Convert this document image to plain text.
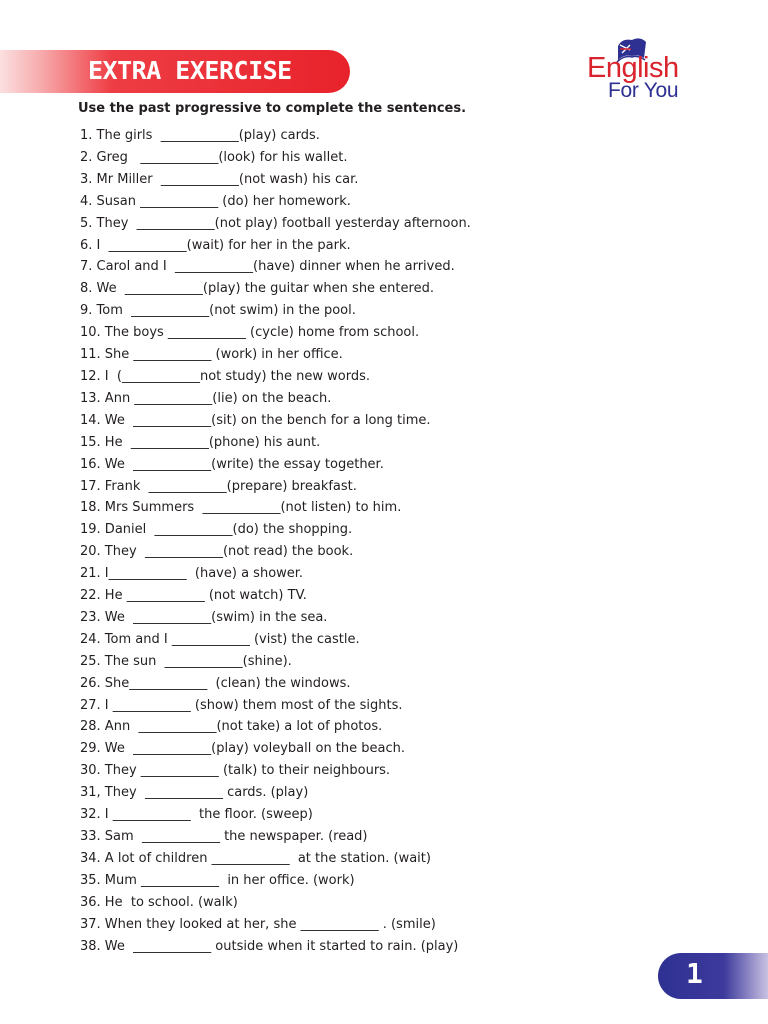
EXTRA EXERCISE	English
For You
Use the past progressive to complete the sentences.
1. The girls  ____________(play) cards.
2. Greg   ____________(look) for his wallet.
3. Mr Miller  ____________(not wash) his car.
4. Susan ____________ (do) her homework.
5. They  ____________(not play) football yesterday afternoon.
6. I  ____________(wait) for her in the park.
7. Carol and I  ____________(have) dinner when he arrived.
8. We  ____________(play) the guitar when she entered.
9. Tom  ____________(not swim) in the pool.
10. The boys ____________ (cycle) home from school.
11. She ____________ (work) in her office.
12. I  (____________not study) the new words.
13. Ann ____________(lie) on the beach.
14. We  ____________(sit) on the bench for a long time.
15. He  ____________(phone) his aunt.
16. We  ____________(write) the essay together.
17. Frank  ____________(prepare) breakfast.
18. Mrs Summers  ____________(not listen) to him.
19. Daniel  ____________(do) the shopping.
20. They  ____________(not read) the book.
21. I____________  (have) a shower.
22. He ____________ (not watch) TV.
23. We  ____________(swim) in the sea.
24. Tom and I ____________ (vist) the castle.
25. The sun  ____________(shine).
26. She____________  (clean) the windows.
27. I ____________ (show) them most of the sights.
28. Ann  ____________(not take) a lot of photos.
29. We  ____________(play) voleyball on the beach.
30. They ____________ (talk) to their neighbours.
31, They  ____________ cards. (play)
32. I ____________  the floor. (sweep)
33. Sam  ____________ the newspaper. (read)
34. A lot of children ____________  at the station. (wait)
35. Mum ____________  in her office. (work)
36. He  to school. (walk)
37. When they looked at her, she ____________ . (smile)
38. We  ____________ outside when it started to rain. (play)
1
